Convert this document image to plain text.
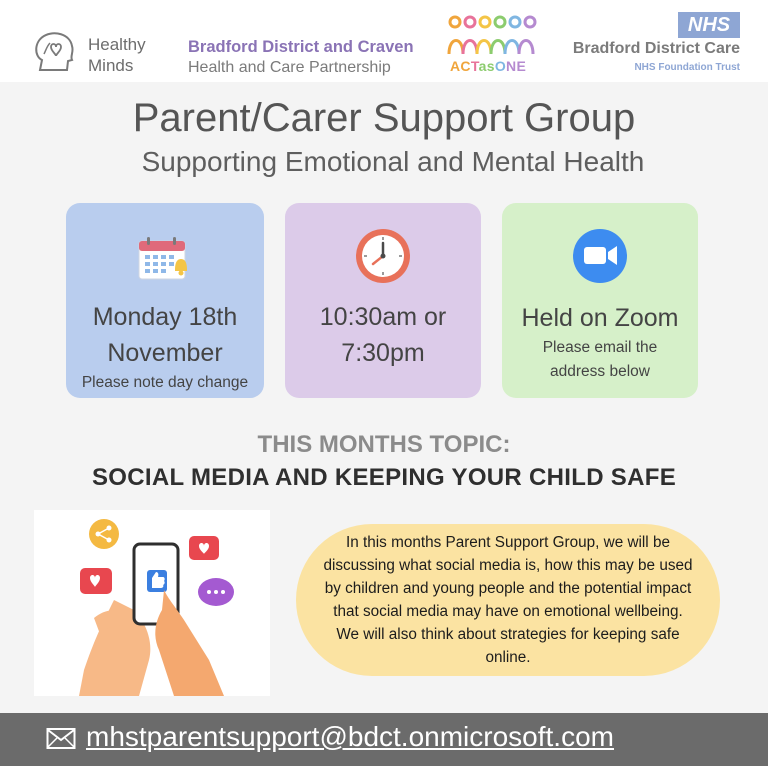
Healthy
Minds
Bradford District and Craven
Health and Care Partnership	ACTasONE
NHS
Bradford District Care
NHS Foundation Trust
Parent/Carer Support Group
Supporting Emotional and Mental Health
Monday 18th
November
Please note day change
10:30am or
7:30pm
Held on Zoom
Please email the
address below
THIS MONTHS TOPIC:
SOCIAL MEDIA AND KEEPING YOUR CHILD SAFE

In this months Parent Support Group, we will be discussing what social media is, how this may be used by children and young people and the potential impact that social media may have on emotional wellbeing. We will also think about strategies for keeping safe online.

mhstparentsupport@bdct.onmicrosoft.com
